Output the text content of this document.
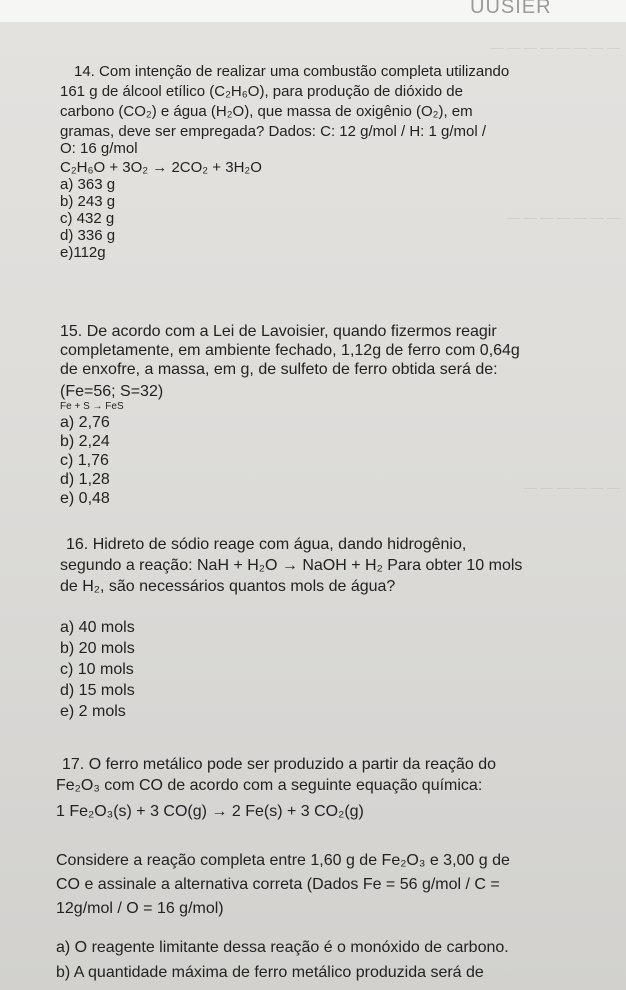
UUSIER
— — — — — — — —
— — — — — — —
— — — — — —

14. Com intenção de realizar uma combustão completa utilizando

161 g de álcool etílico (C₂H₆O), para produção de dióxido de

carbono (CO₂) e água (H₂O), que massa de oxigênio (O₂), em

gramas, deve ser empregada? Dados: C: 12 g/mol / H: 1 g/mol /

O: 16 g/mol

C₂H₆O + 3O₂ → 2CO₂ + 3H₂O

a) 363 g

b) 243 g

c) 432 g

d) 336 g

e)112g

15. De acordo com a Lei de Lavoisier, quando fizermos reagir

completamente, em ambiente fechado, 1,12g de ferro com 0,64g

de enxofre, a massa, em g, de sulfeto de ferro obtida será de:

(Fe=56; S=32)

Fe + S → FeS

a) 2,76

b) 2,24

c) 1,76

d) 1,28

e) 0,48

16. Hidreto de sódio reage com água, dando hidrogênio,

segundo a reação: NaH + H₂O → NaOH + H₂ Para obter 10 mols

de H₂, são necessários quantos mols de água?

a) 40 mols

b) 20 mols

c) 10 mols

d) 15 mols

e) 2 mols

17. O ferro metálico pode ser produzido a partir da reação do

Fe₂O₃ com CO de acordo com a seguinte equação química:

1 Fe₂O₃(s) + 3 CO(g) → 2 Fe(s) + 3 CO₂(g)

Considere a reação completa entre 1,60 g de Fe₂O₃ e 3,00 g de

CO e assinale a alternativa correta (Dados Fe = 56 g/mol / C =

12g/mol / O = 16 g/mol)

a) O reagente limitante dessa reação é o monóxido de carbono.

b) A quantidade máxima de ferro metálico produzida será de
